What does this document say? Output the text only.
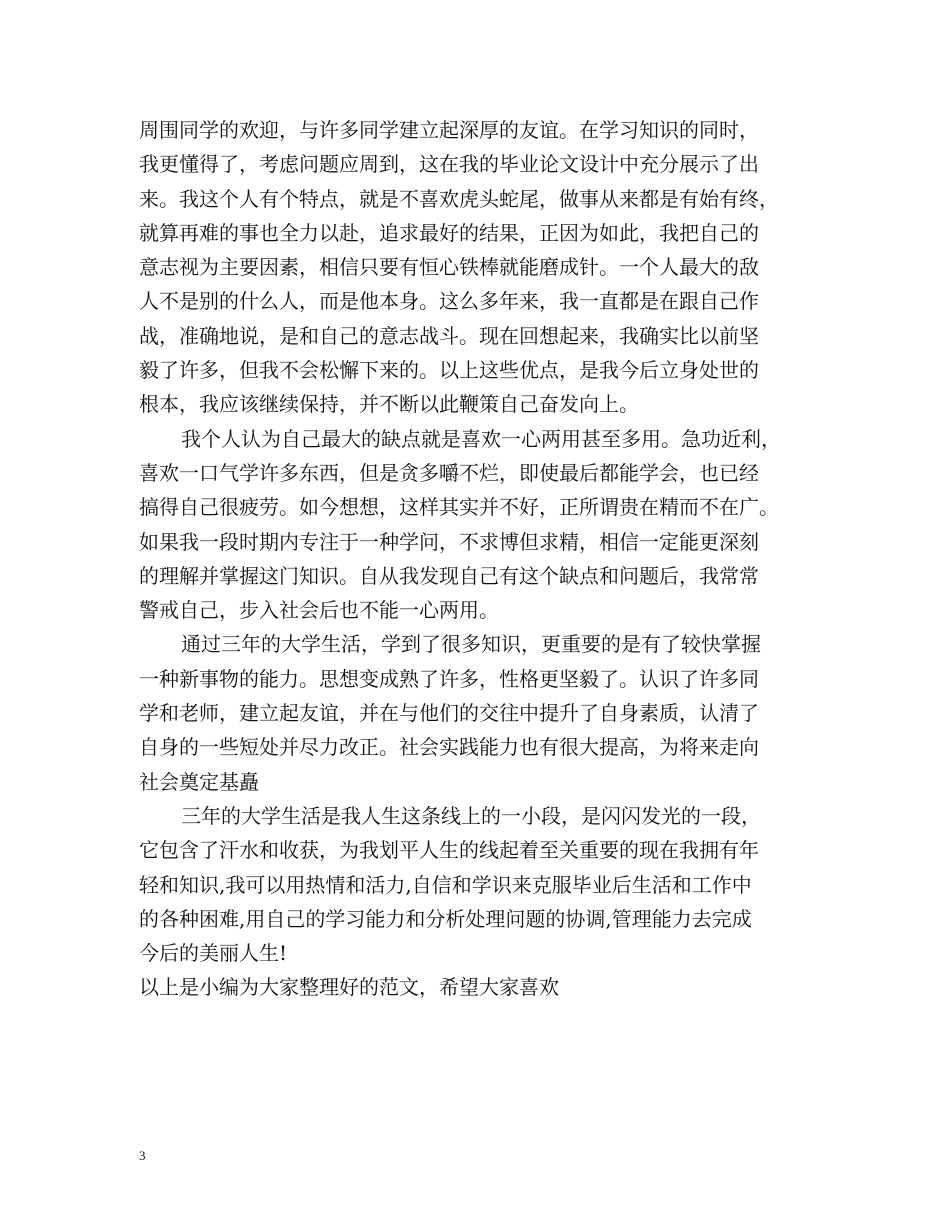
周围同学的欢迎，与许多同学建立起深厚的友谊。在学习知识的同时，
我更懂得了，考虑问题应周到，这在我的毕业论文设计中充分展示了出
来。我这个人有个特点，就是不喜欢虎头蛇尾，做事从来都是有始有终，
就算再难的事也全力以赴，追求最好的结果，正因为如此，我把自己的
意志视为主要因素，相信只要有恒心铁棒就能磨成针。一个人最大的敌
人不是别的什么人，而是他本身。这么多年来，我一直都是在跟自己作
战，准确地说，是和自己的意志战斗。现在回想起来，我确实比以前坚
毅了许多，但我不会松懈下来的。以上这些优点，是我今后立身处世的
根本，我应该继续保持，并不断以此鞭策自己奋发向上。

我个人认为自己最大的缺点就是喜欢一心两用甚至多用。急功近利，
喜欢一口气学许多东西，但是贪多嚼不烂，即使最后都能学会，也已经
搞得自己很疲劳。如今想想，这样其实并不好，正所谓贵在精而不在广。
如果我一段时期内专注于一种学问，不求博但求精，相信一定能更深刻
的理解并掌握这门知识。自从我发现自己有这个缺点和问题后，我常常
警戒自己，步入社会后也不能一心两用。

通过三年的大学生活，学到了很多知识，更重要的是有了较快掌握
一种新事物的能力。思想变成熟了许多，性格更坚毅了。认识了许多同
学和老师，建立起友谊，并在与他们的交往中提升了自身素质，认清了
自身的一些短处并尽力改正。社会实践能力也有很大提高，为将来走向
社会奠定基矗

三年的大学生活是我人生这条线上的一小段，是闪闪发光的一段，
它包含了汗水和收获，为我划平人生的线起着至关重要的现在我拥有年
轻和知识,我可以用热情和活力,自信和学识来克服毕业后生活和工作中
的各种困难,用自己的学习能力和分析处理问题的协调,管理能力去完成
今后的美丽人生!

以上是小编为大家整理好的范文，希望大家喜欢

3
